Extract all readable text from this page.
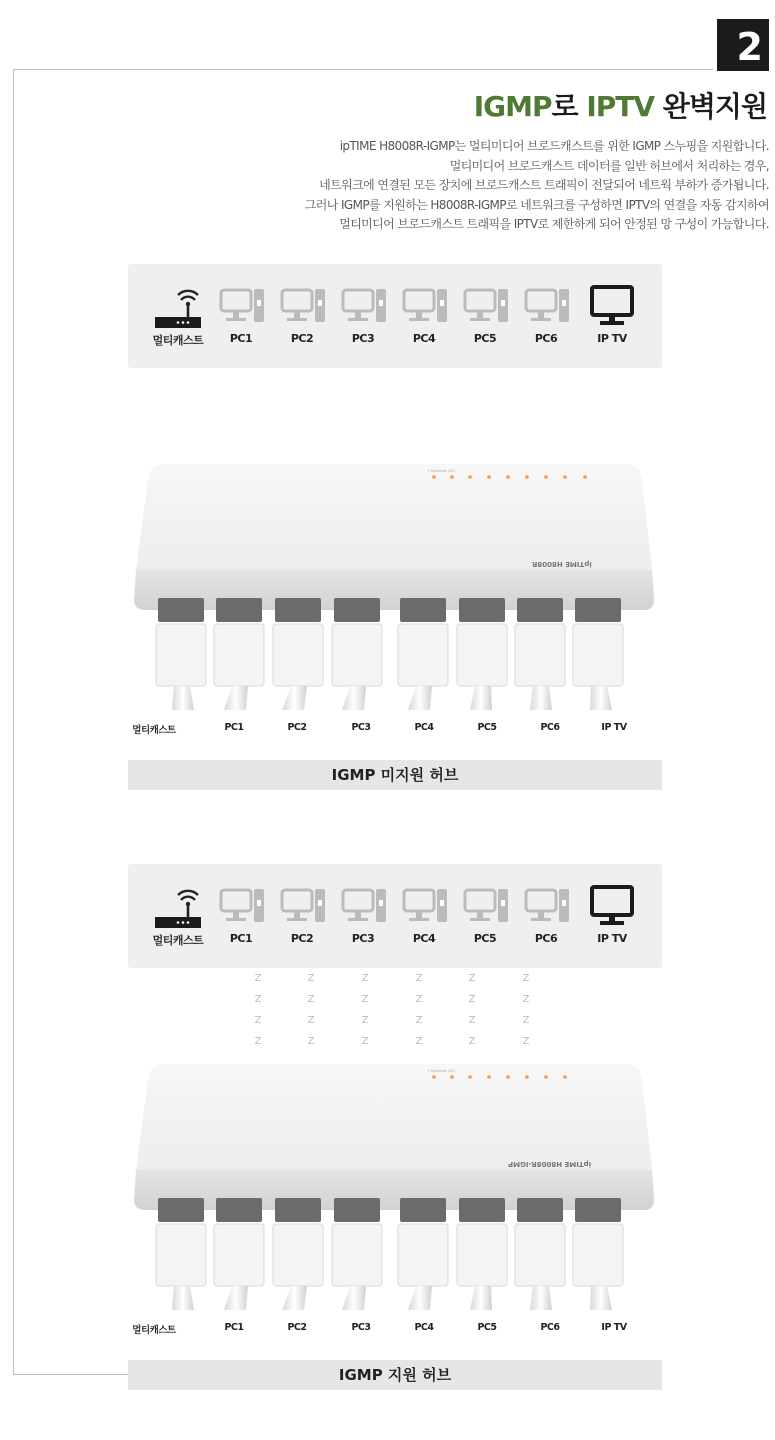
2
IGMP로 IPTV 완벽지원
ipTIME H8008R-IGMP는 멀티미디어 브로드캐스트를 위한 IGMP 스누핑을 지원합니다.
멀티미디어 브로드캐스트 데이터를 일반 허브에서 처리하는 경우,
네트워크에 연결된 모든 장치에 브로드캐스트 트래픽이 전달되어 네트웍 부하가 증가됩니다.
그러나 IGMP를 지원하는 H8008R-IGMP로 네트워크를 구성하면 IPTV의 연결을 자동 감지하여
멀티미디어 브로드캐스트 트래픽을 IPTV로 제한하게 되어 안정된 망 구성이 가능합니다.
멀티캐스트	PC1	PC2	PC3	PC4	PC5	PC6	IP TV
* Multicast LED
ipTIME H8008R
멀티캐스트	PC1	PC2	PC3	PC4	PC5	PC6	IP TV
IGMP 미지원 허브
멀티캐스트	PC1	PC2	PC3	PC4	PC5	PC6	IP TV
Z
Z
Z
Z
Z
Z
Z
Z
Z
Z
Z
Z
Z
Z
Z
Z
Z
Z
Z
Z
Z
Z
Z
Z
* Multicast LED
ipTIME H8008R-IGMP
멀티캐스트	PC1	PC2	PC3	PC4	PC5	PC6	IP TV
IGMP 지원 허브
